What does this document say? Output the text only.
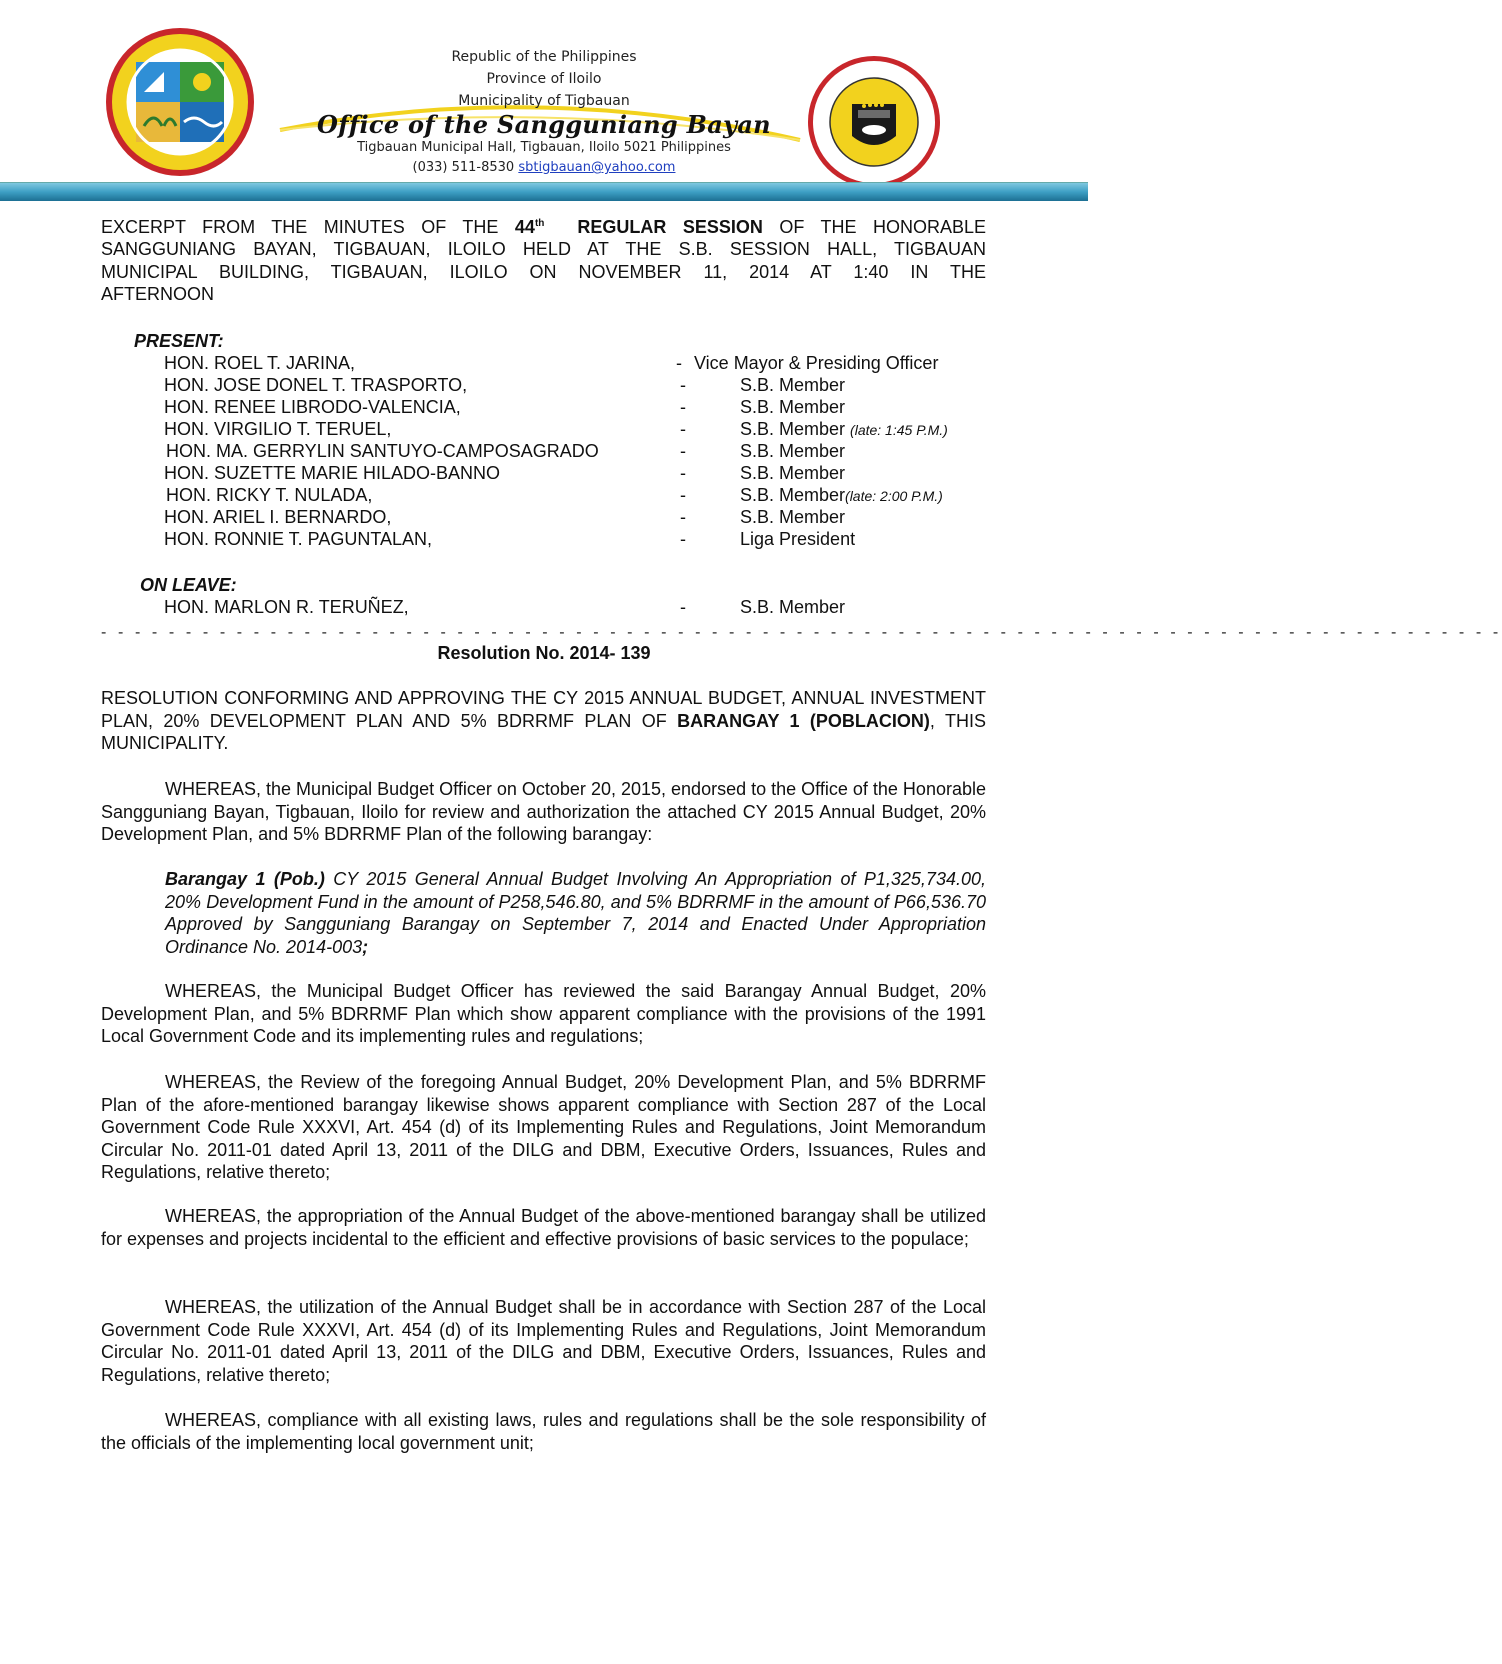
Republic of the Philippines
Province of Iloilo
Municipality of Tigbauan
Office of the Sangguniang Bayan
Tigbauan Municipal Hall, Tigbauan, Iloilo 5021 Philippines
(033) 511-8530 sbtigbauan@yahoo.com
EXCERPT FROM THE MINUTES OF THE 44th REGULAR SESSION OF THE HONORABLE
SANGGUNIANG BAYAN, TIGBAUAN, ILOILO HELD AT THE S.B. SESSION HALL, TIGBAUAN
MUNICIPAL BUILDING, TIGBAUAN, ILOILO ON NOVEMBER 11, 2014 AT 1:40 IN THE
AFTERNOON
PRESENT:
HON. ROEL T. JARINA,	- Vice Mayor & Presiding Officer
HON. JOSE DONEL T. TRASPORTO,	-	S.B. Member
HON. RENEE LIBRODO-VALENCIA,	-	S.B. Member
HON. VIRGILIO T. TERUEL,	-	S.B. Member (late: 1:45 P.M.)
HON. MA. GERRYLIN SANTUYO-CAMPOSAGRADO	-	S.B. Member
HON. SUZETTE MARIE HILADO-BANNO	-	S.B. Member
HON. RICKY T. NULADA,	-	S.B. Member(late: 2:00 P.M.)
HON. ARIEL I. BERNARDO,	-	S.B. Member
HON. RONNIE T. PAGUNTALAN,	-	Liga President
ON LEAVE:
HON. MARLON R. TERUÑEZ,	-	S.B. Member
- - - - - - - - - - - - - - - - - - - - - - - - - - - - - - - - - - - - - - - - - - - - - - - - - - - - - - - - - - - - - - - - - - - - - - - - - - - - - - - - - - -
Resolution No. 2014- 139
RESOLUTION CONFORMING AND APPROVING THE CY 2015 ANNUAL BUDGET, ANNUAL INVESTMENT PLAN, 20% DEVELOPMENT PLAN AND 5% BDRRMF PLAN OF BARANGAY 1 (POBLACION), THIS MUNICIPALITY.
WHEREAS, the Municipal Budget Officer on October 20, 2015, endorsed to the Office of the Honorable Sangguniang Bayan, Tigbauan, Iloilo for review and authorization the attached CY 2015 Annual Budget, 20% Development Plan, and 5% BDRRMF Plan of the following barangay:
Barangay 1 (Pob.) CY 2015 General Annual Budget Involving An Appropriation of P1,325,734.00, 20% Development Fund in the amount of P258,546.80, and 5% BDRRMF in the amount of P66,536.70 Approved by Sangguniang Barangay on September 7, 2014 and Enacted Under Appropriation Ordinance No. 2014-003;
WHEREAS, the Municipal Budget Officer has reviewed the said Barangay Annual Budget, 20% Development Plan, and 5% BDRRMF Plan which show apparent compliance with the provisions of the 1991 Local Government Code and its implementing rules and regulations;
WHEREAS, the Review of the foregoing Annual Budget, 20% Development Plan, and 5% BDRRMF Plan of the afore-mentioned barangay likewise shows apparent compliance with Section 287 of the Local Government Code Rule XXXVI, Art. 454 (d) of its Implementing Rules and Regulations, Joint Memorandum Circular No. 2011-01 dated April 13, 2011 of the DILG and DBM, Executive Orders, Issuances, Rules and Regulations, relative thereto;
WHEREAS, the appropriation of the Annual Budget of the above-mentioned barangay shall be utilized for expenses and projects incidental to the efficient and effective provisions of basic services to the populace;
WHEREAS, the utilization of the Annual Budget shall be in accordance with Section 287 of the Local Government Code Rule XXXVI, Art. 454 (d) of its Implementing Rules and Regulations, Joint Memorandum Circular No. 2011-01 dated April 13, 2011 of the DILG and DBM, Executive Orders, Issuances, Rules and Regulations, relative thereto;
WHEREAS, compliance with all existing laws, rules and regulations shall be the sole responsibility of the officials of the implementing local government unit;
